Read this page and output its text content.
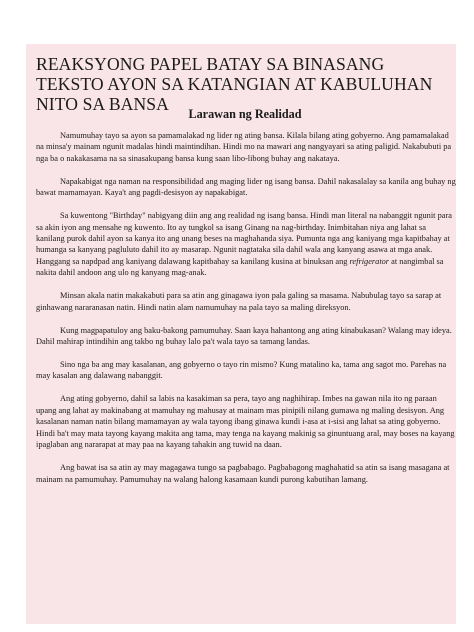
REAKSYONG PAPEL BATAY SA BINASANG TEKSTO AYON SA KATANGIAN AT KABULUHAN NITO SA BANSA	Larawan ng Realidad

Namumuhay tayo sa ayon sa pamamalakad ng lider ng ating bansa. Kilala bilang ating gobyerno. Ang pamamalakad na minsa'y mainam ngunit madalas hindi maintindihan. Hindi mo na mawari ang nangyayari sa ating paligid. Nakabubuti pa nga ba o nakakasama na sa sinasakupang bansa kung saan libo-libong buhay ang nakataya.

Napakabigat nga naman na responsibilidad ang maging lider ng isang bansa. Dahil nakasalalay sa kanila ang buhay ng bawat mamamayan. Kaya't ang pagdi-desisyon ay napakabigat.

Sa kuwentong "Birthday" nabigyang diin ang ang realidad ng isang bansa. Hindi man literal na nabanggit ngunit para sa akin iyon ang mensahe ng kuwento. Ito ay tungkol sa isang Ginang na nag-birthday. Inimbitahan niya ang lahat sa kanilang purok dahil ayon sa kanya ito ang unang beses na maghahanda siya. Pumunta nga ang kaniyang mga kapitbahay at humanga sa kanyang pagluluto dahil ito ay masarap. Ngunit nagtataka sila dahil wala ang kanyang asawa at mga anak. Hanggang sa napdpad ang kaniyang dalawang kapitbahay sa kanilang kusina at binuksan ang refrigerator at nangimbal sa nakita dahil andoon ang ulo ng kanyang mag-anak.

Minsan akala natin makakabuti para sa atin ang ginagawa iyon pala galing sa masama. Nabubulag tayo sa sarap at ginhawang nararanasan natin. Hindi natin alam namumuhay na pala tayo sa maling direksyon.

Kung magpapatuloy ang baku-bakong pamumuhay. Saan kaya hahantong ang ating kinabukasan? Walang may ideya. Dahil mahirap intindihin ang takbo ng buhay lalo pa't wala tayo sa tamang landas.

Sino nga ba ang may kasalanan, ang gobyerno o tayo rin mismo? Kung matalino ka, tama ang sagot mo. Parehas na may kasalan ang dalawang nabanggit.

Ang ating gobyerno, dahil sa labis na kasakiman sa pera, tayo ang naghihirap. Imbes na gawan nila ito ng paraan upang ang lahat ay makinabang at mamuhay ng mahusay at mainam mas pinipili nilang gumawa ng maling desisyon. Ang kasalanan naman natin bilang mamamayan ay wala tayong ibang ginawa kundi i-asa at i-sisi ang lahat sa ating gobyerno. Hindi ba't may mata tayong kayang makita ang tama, may tenga na kayang makinig sa ginuntuang aral, may boses na kayang ipaglaban ang nararapat at may paa na kayang tahakin ang tuwid na daan.

Ang bawat isa sa atin ay may magagawa tungo sa pagbabago. Pagbabagong maghahatid sa atin sa isang masagana at mainam na pamumuhay. Pamumuhay na walang halong kasamaan kundi purong kabutihan lamang.
